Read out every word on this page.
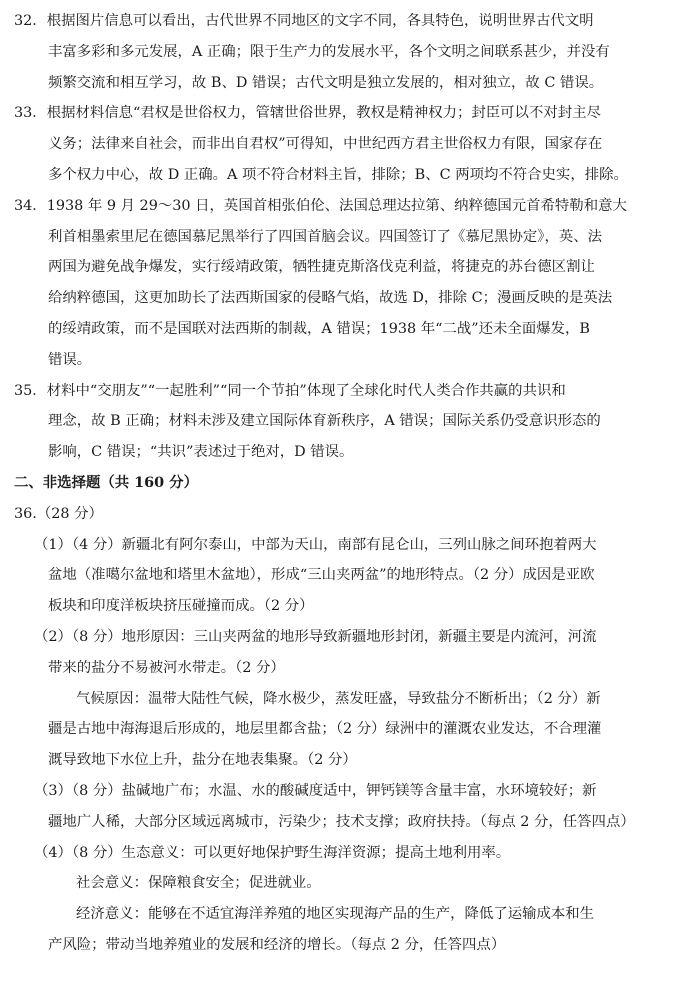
32．根据图片信息可以看出，古代世界不同地区的文字不同，各具特色，说明世界古代文明
丰富多彩和多元发展，A 正确；限于生产力的发展水平，各个文明之间联系甚少，并没有
频繁交流和相互学习，故 B、D 错误；古代文明是独立发展的，相对独立，故 C 错误。
33．根据材料信息“君权是世俗权力，管辖世俗世界，教权是精神权力；封臣可以不对封主尽
义务；法律来自社会，而非出自君权”可得知，中世纪西方君主世俗权力有限，国家存在
多个权力中心，故 D 正确。A 项不符合材料主旨，排除；B、C 两项均不符合史实，排除。
34．1938 年 9 月 29～30 日，英国首相张伯伦、法国总理达拉第、纳粹德国元首希特勒和意大
利首相墨索里尼在德国慕尼黑举行了四国首脑会议。四国签订了《慕尼黑协定》，英、法
两国为避免战争爆发，实行绥靖政策，牺牲捷克斯洛伐克利益，将捷克的苏台德区割让
给纳粹德国，这更加助长了法西斯国家的侵略气焰，故选 D，排除 C；漫画反映的是英法
的绥靖政策，而不是国联对法西斯的制裁，A 错误；1938 年“二战”还未全面爆发，B
错误。
35．材料中“交朋友”“一起胜利”“同一个节拍”体现了全球化时代人类合作共赢的共识和
理念，故 B 正确；材料未涉及建立国际体育新秩序，A 错误；国际关系仍受意识形态的
影响，C 错误；“共识”表述过于绝对，D 错误。
二、非选择题（共 160 分）
36.（28 分）
（1）（4 分）新疆北有阿尔泰山，中部为天山，南部有昆仑山，三列山脉之间环抱着两大
盆地（准噶尔盆地和塔里木盆地），形成“三山夹两盆”的地形特点。（2 分）成因是亚欧
板块和印度洋板块挤压碰撞而成。（2 分）
（2）（8 分）地形原因：三山夹两盆的地形导致新疆地形封闭，新疆主要是内流河，河流
带来的盐分不易被河水带走。（2 分）
气候原因：温带大陆性气候，降水极少，蒸发旺盛，导致盐分不断析出；（2 分）新
疆是古地中海海退后形成的，地层里都含盐；（2 分）绿洲中的灌溉农业发达，不合理灌
溉导致地下水位上升，盐分在地表集聚。（2 分）
（3）（8 分）盐碱地广布；水温、水的酸碱度适中，钾钙镁等含量丰富，水环境较好；新
疆地广人稀，大部分区域远离城市，污染少；技术支撑；政府扶持。（每点 2 分，任答四点）
（4）（8 分）生态意义：可以更好地保护野生海洋资源；提高土地利用率。
社会意义：保障粮食安全；促进就业。
经济意义：能够在不适宜海洋养殖的地区实现海产品的生产，降低了运输成本和生
产风险；带动当地养殖业的发展和经济的增长。（每点 2 分，任答四点）
